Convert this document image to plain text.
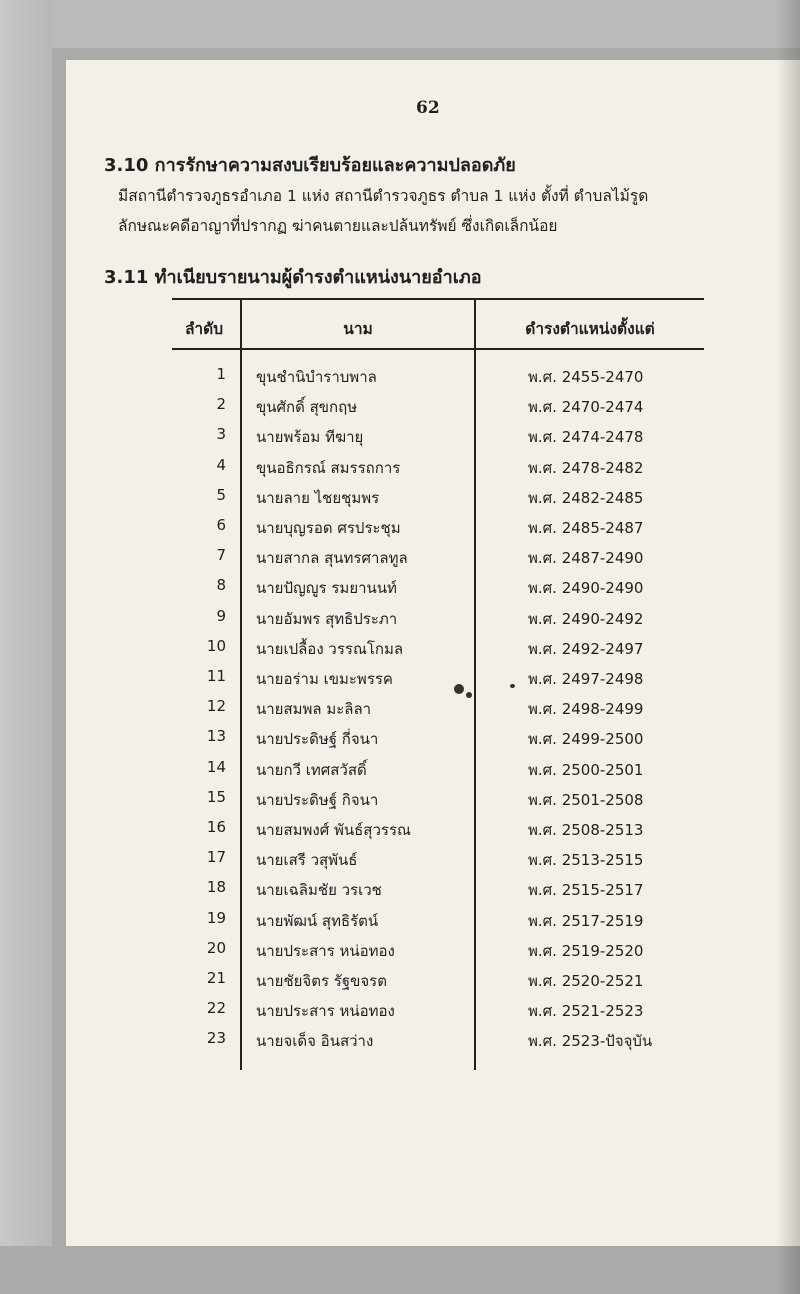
62
3.10 การรักษาความสงบเรียบร้อยและความปลอดภัย
มีสถานีตำรวจภูธรอำเภอ 1 แห่ง สถานีตำรวจภูธร ตำบล 1 แห่ง ตั้งที่ ตำบลไม้รูด
ลักษณะคดีอาญาที่ปรากฏ ฆ่าคนตายและปล้นทรัพย์ ซึ่งเกิดเล็กน้อย
3.11 ทำเนียบรายนามผู้ดำรงตำแหน่งนายอำเภอ
ลำดับ	นาม	ดำรงตำแหน่งตั้งแต่
1 ขุนชำนิบำราบพาล	พ.ศ. 2455-2470
2 ขุนศักดิ์ สุขกฤษ	พ.ศ. 2470-2474
3 นายพร้อม ทีฆายุ	พ.ศ. 2474-2478
4 ขุนอธิกรณ์ สมรรถการ	พ.ศ. 2478-2482
5 นายลาย ไชยชุมพร	พ.ศ. 2482-2485
6 นายบุญรอด ศรประชุม	พ.ศ. 2485-2487
7 นายสากล สุนทรศาลทูล	พ.ศ. 2487-2490
8 นายปัญญูร รมยานนท์	พ.ศ. 2490-2490
9 นายอัมพร สุทธิประภา	พ.ศ. 2490-2492
10 นายเปลื้อง วรรณโกมล	พ.ศ. 2492-2497
11 นายอร่าม เขมะพรรค	พ.ศ. 2497-2498
12 นายสมพล มะลิลา	พ.ศ. 2498-2499
13 นายประดิษฐ์ กี่จนา	พ.ศ. 2499-2500
14 นายกวี เทศสวัสดิ์	พ.ศ. 2500-2501
15 นายประดิษฐ์ กิจนา	พ.ศ. 2501-2508
16 นายสมพงศ์ พันธ์สุวรรณ	พ.ศ. 2508-2513
17 นายเสรี วสุพันธ์	พ.ศ. 2513-2515
18 นายเฉลิมชัย วรเวช	พ.ศ. 2515-2517
19 นายพัฒน์ สุทธิรัตน์	พ.ศ. 2517-2519
20 นายประสาร หน่อทอง	พ.ศ. 2519-2520
21 นายชัยจิตร รัฐขจรต	พ.ศ. 2520-2521
22 นายประสาร หน่อทอง	พ.ศ. 2521-2523
23 นายจเด็จ อินสว่าง	พ.ศ. 2523-ปัจจุบัน
